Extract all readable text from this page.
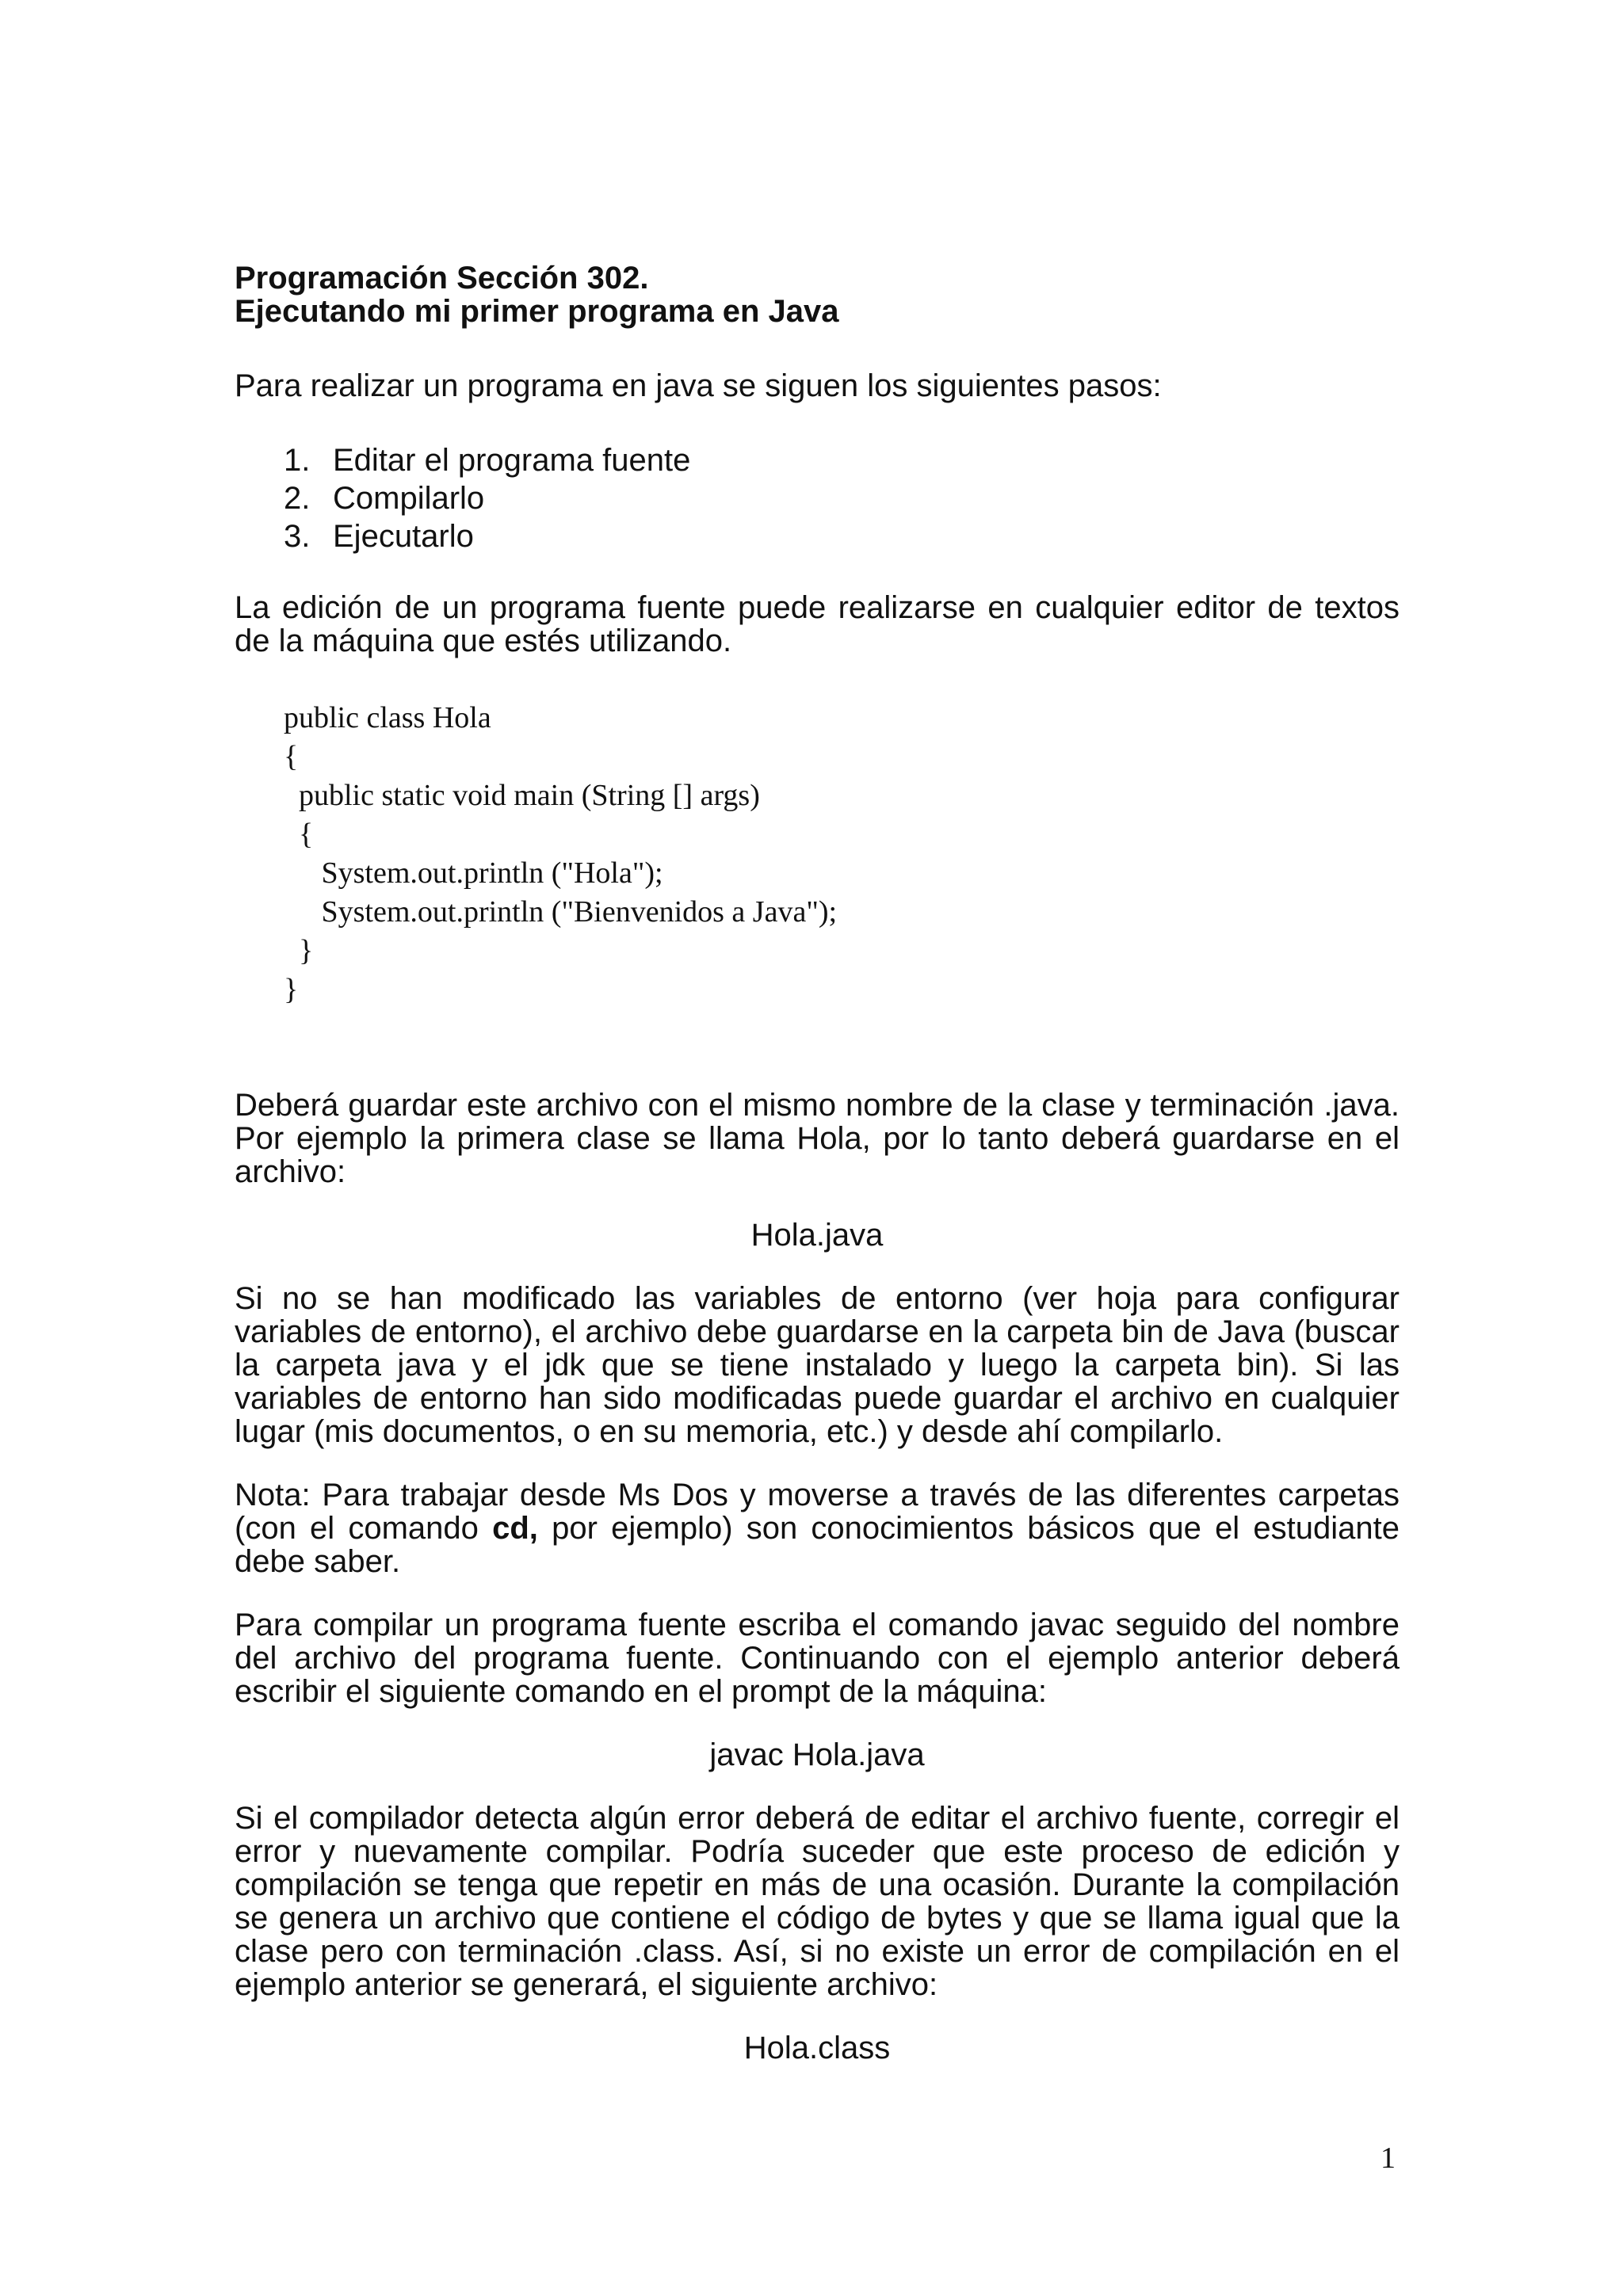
Programación Sección 302.

Ejecutando mi primer programa en Java

Para realizar un programa en java se siguen los siguientes pasos:

1. Editar el programa fuente
2. Compilarlo
3. Ejecutarlo

La edición de un programa fuente puede realizarse en cualquier editor de textos de la máquina que estés utilizando.

public class Hola
{
public static void main (String [] args)
{
System.out.println ("Hola");
System.out.println ("Bienvenidos a Java");
}
}

Deberá guardar este archivo con el mismo nombre de la clase y terminación .java. Por ejemplo la primera clase se llama Hola, por lo tanto deberá guardarse en el archivo:

Hola.java

Si no se han modificado las variables de entorno (ver hoja para configurar variables de entorno), el archivo debe guardarse en la carpeta bin de Java (buscar la carpeta java y el jdk que se tiene instalado y luego la carpeta bin). Si las variables de entorno han sido modificadas puede guardar el archivo en cualquier lugar (mis documentos, o en su memoria, etc.) y desde ahí compilarlo.

Nota: Para trabajar desde Ms Dos y moverse a través de las diferentes carpetas (con el comando cd, por ejemplo) son conocimientos básicos que el estudiante debe saber.

Para compilar un programa fuente escriba el comando javac seguido del nombre del archivo del programa fuente. Continuando con el ejemplo anterior deberá escribir el siguiente comando en el prompt de la máquina:

javac Hola.java

Si el compilador detecta algún error deberá de editar el archivo fuente, corregir el error y nuevamente compilar. Podría suceder que este proceso de edición y compilación se tenga que repetir en más de una ocasión. Durante la compilación se genera un archivo que contiene el código de bytes y que se llama igual que la clase pero con terminación .class. Así, si no existe un error de compilación en el ejemplo anterior se generará, el siguiente archivo:

Hola.class

1
